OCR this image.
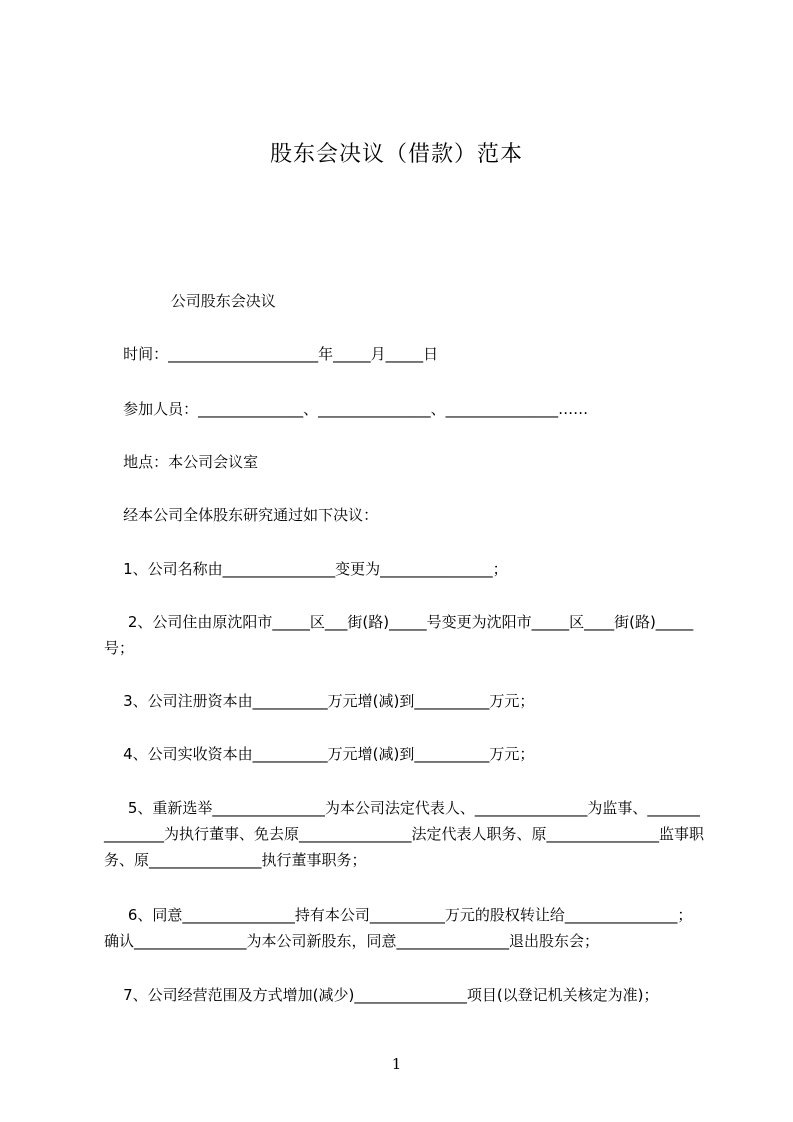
股东会决议（借款）范本
公司股东会决议
时间：____________________年_____月_____日
参加人员：______________、_______________、_______________……
地点：本公司会议室
经本公司全体股东研究通过如下决议：
1、公司名称由_______________变更为_______________；
2、公司住由原沈阳市_____区___街(路)_____号变更为沈阳市_____区____街(路)_____号；
3、公司注册资本由__________万元增(减)到__________万元；
4、公司实收资本由__________万元增(减)到__________万元；
5、重新选举_______________为本公司法定代表人、_______________为监事、_______________为执行董事、免去原_______________法定代表人职务、原_______________监事职务、原_______________执行董事职务；
6、同意_______________持有本公司__________万元的股权转让给_______________；确认_______________为本公司新股东，同意_______________退出股东会；
7、公司经营范围及方式增加(减少)_______________项目(以登记机关核定为准)；
1
